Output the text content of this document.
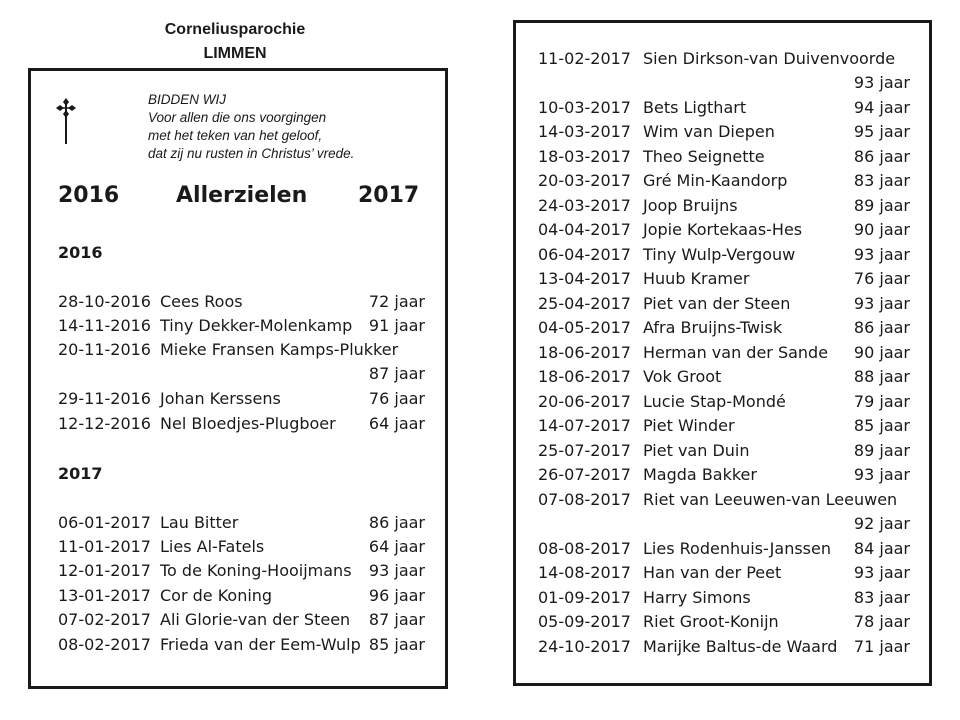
Corneliusparochie
LIMMEN
BIDDEN WIJ
Voor allen die ons voorgingen
met het teken van het geloof,
dat zij nu rusten in Christus’ vrede.
2016	Allerzielen 2017
2016
28-10-2016 Cees Roos	72 jaar
14-11-2016 Tiny Dekker-Molenkamp	91 jaar
20-11-2016 Mieke Fransen Kamps-Plukker
87 jaar
29-11-2016 Johan Kerssens	76 jaar
12-12-2016 Nel Bloedjes-Plugboer	64 jaar
2017
06-01-2017 Lau Bitter	86 jaar
11-01-2017 Lies Al-Fatels	64 jaar
12-01-2017 To de Koning-Hooijmans	93 jaar
13-01-2017 Cor de Koning	96 jaar
07-02-2017 Ali Glorie-van der Steen	87 jaar
08-02-2017 Frieda van der Eem-Wulp 85 jaar
11-02-2017 Sien Dirkson-van Duivenvoorde
93 jaar
10-03-2017 Bets Ligthart	94 jaar
14-03-2017 Wim van Diepen	95 jaar
18-03-2017 Theo Seignette	86 jaar
20-03-2017 Gré Min-Kaandorp	83 jaar
24-03-2017 Joop Bruijns	89 jaar
04-04-2017 Jopie Kortekaas-Hes	90 jaar
06-04-2017 Tiny Wulp-Vergouw	93 jaar
13-04-2017 Huub Kramer	76 jaar
25-04-2017 Piet van der Steen	93 jaar
04-05-2017 Afra Bruijns-Twisk	86 jaar
18-06-2017 Herman van der Sande	90 jaar
18-06-2017 Vok Groot	88 jaar
20-06-2017 Lucie Stap-Mondé	79 jaar
14-07-2017 Piet Winder	85 jaar
25-07-2017 Piet van Duin	89 jaar
26-07-2017 Magda Bakker	93 jaar
07-08-2017 Riet van Leeuwen-van Leeuwen
92 jaar
08-08-2017 Lies Rodenhuis-Janssen	84 jaar
14-08-2017 Han van der Peet	93 jaar
01-09-2017 Harry Simons	83 jaar
05-09-2017 Riet Groot-Konijn	78 jaar
24-10-2017 Marijke Baltus-de Waard	71 jaar
